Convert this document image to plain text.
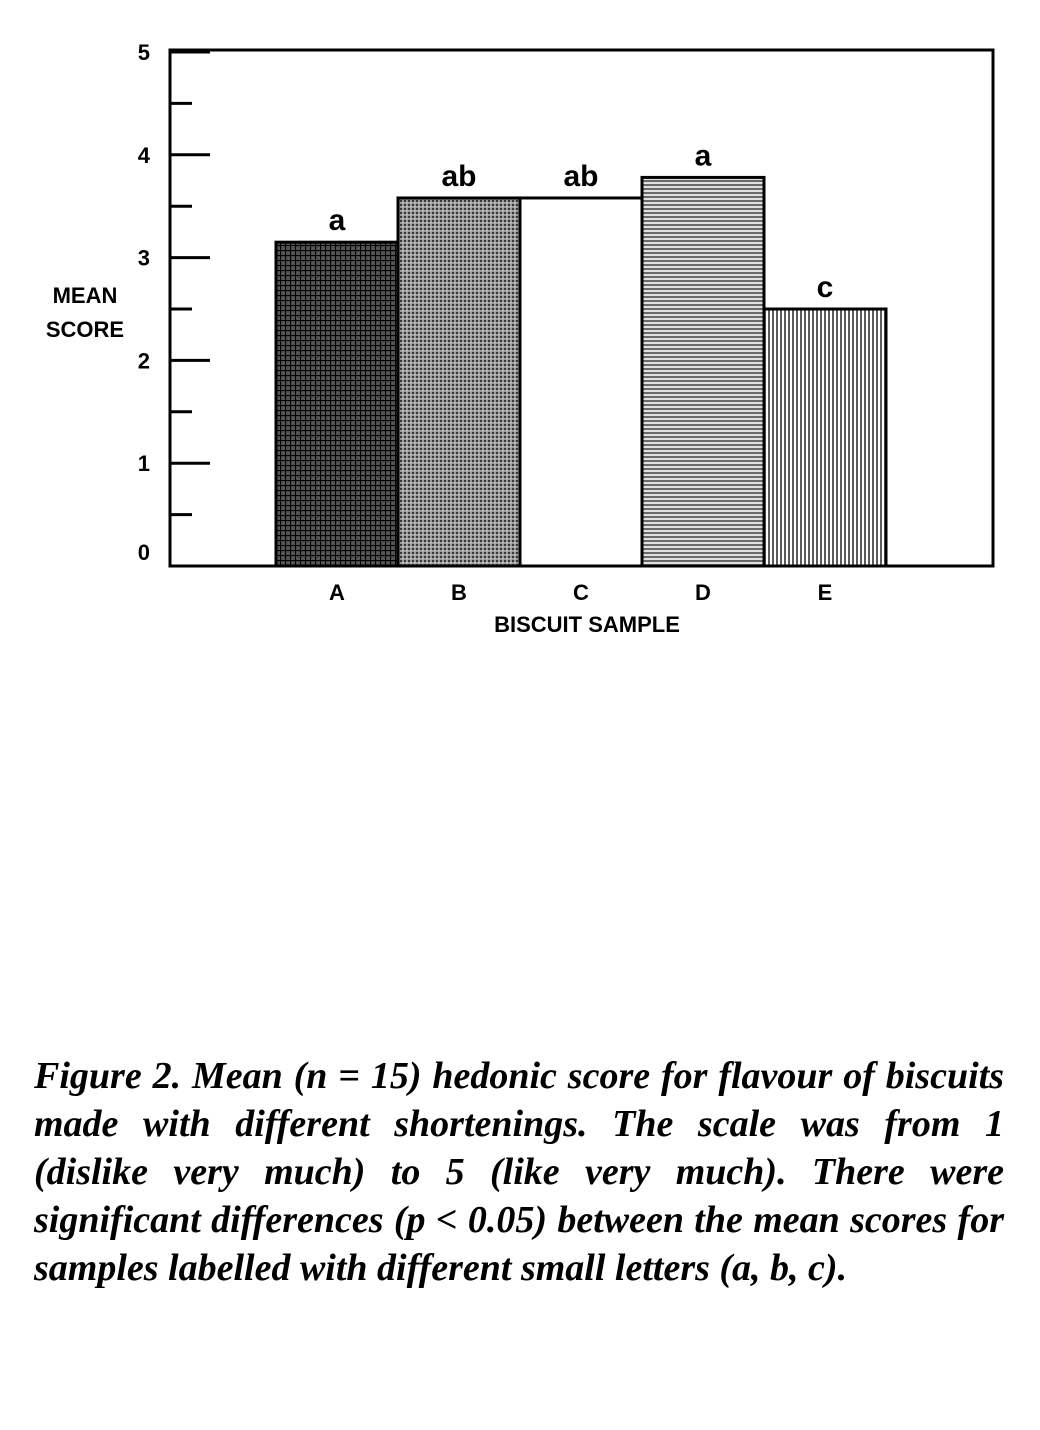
0
1
2
3
4
5
a
ab	ab
a
c
A	B	C	D	E
MEAN
SCORE
BISCUIT SAMPLE

Figure 2. Mean (n = 15) hedonic score for flavour of biscuits made with different shortenings. The scale was from 1 (dislike very much) to 5 (like very much). There were significant differences (p < 0.05) between the mean scores for samples labelled with different small letters (a, b, c).
